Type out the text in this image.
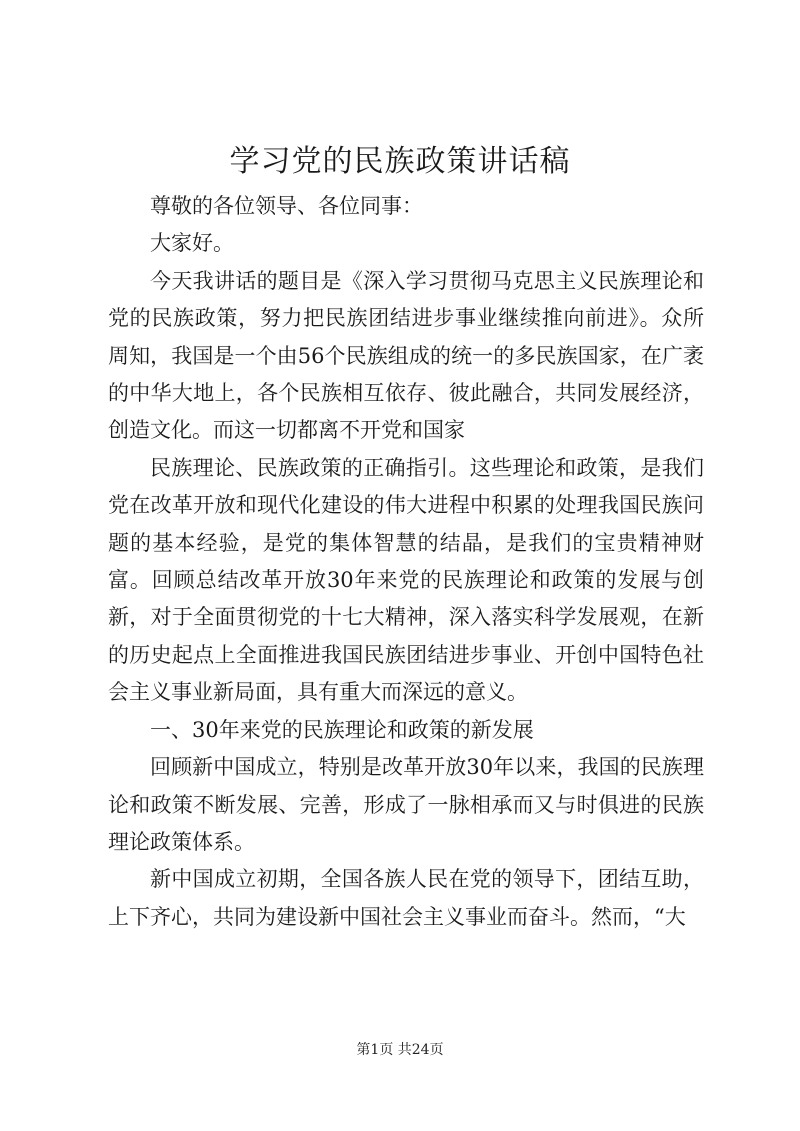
学习党的民族政策讲话稿

尊敬的各位领导、各位同事：

大家好。

今天我讲话的题目是《深入学习贯彻马克思主义民族理论和党的民族政策，努力把民族团结进步事业继续推向前进》。众所周知，我国是一个由56个民族组成的统一的多民族国家，在广袤的中华大地上，各个民族相互依存、彼此融合，共同发展经济，创造文化。而这一切都离不开党和国家

民族理论、民族政策的正确指引。这些理论和政策，是我们党在改革开放和现代化建设的伟大进程中积累的处理我国民族问题的基本经验，是党的集体智慧的结晶，是我们的宝贵精神财富。回顾总结改革开放30年来党的民族理论和政策的发展与创新，对于全面贯彻党的十七大精神，深入落实科学发展观，在新的历史起点上全面推进我国民族团结进步事业、开创中国特色社会主义事业新局面，具有重大而深远的意义。

一、30年来党的民族理论和政策的新发展

回顾新中国成立，特别是改革开放30年以来，我国的民族理论和政策不断发展、完善，形成了一脉相承而又与时俱进的民族理论政策体系。

新中国成立初期，全国各族人民在党的领导下，团结互助，上下齐心，共同为建设新中国社会主义事业而奋斗。然而，“大

第1页 共24页
